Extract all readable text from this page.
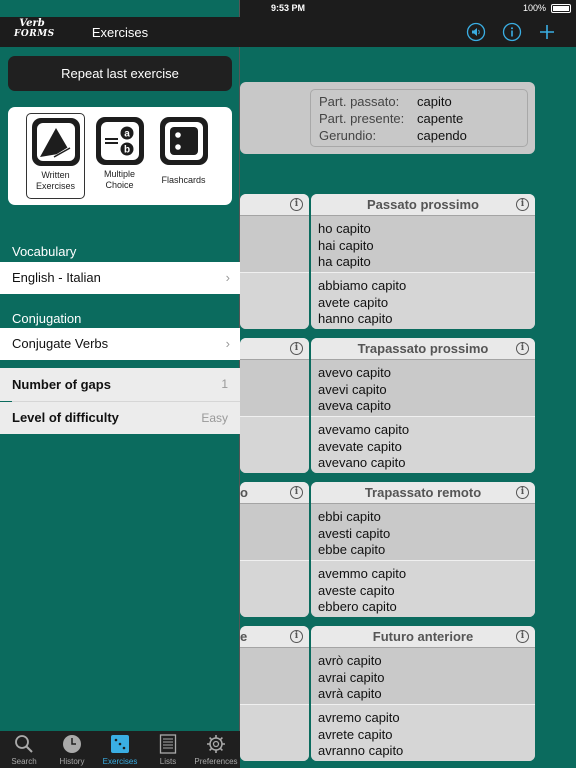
9:53 PM	100%
Part. passato:	capito
Part. presente: capente
Gerundio:	capendo
i
i
o	i
e	i
Passato prossimo	i
ho capito
hai capito
ha capito
abbiamo capito
avete capito
hanno capito
Trapassato prossimo	i
avevo capito
avevi capito
aveva capito
avevamo capito
avevate capito
avevano capito
Trapassato remoto	i
ebbi capito
avesti capito
ebbe capito
avemmo capito
aveste capito
ebbero capito
Futuro anteriore	i
avrò capito
avrai capito
avrà capito
avremo capito
avrete capito
avranno capito
Verb
FORMS	Exercises
Repeat last exercise
Written Exercises
a
b
Multiple Choice	Flashcards
Vocabulary
English - Italian	›
Conjugation
Conjugate Verbs	›
Number of gaps	1
Level of difficulty	Easy
Search	History	Exercises	Lists	Preferences
